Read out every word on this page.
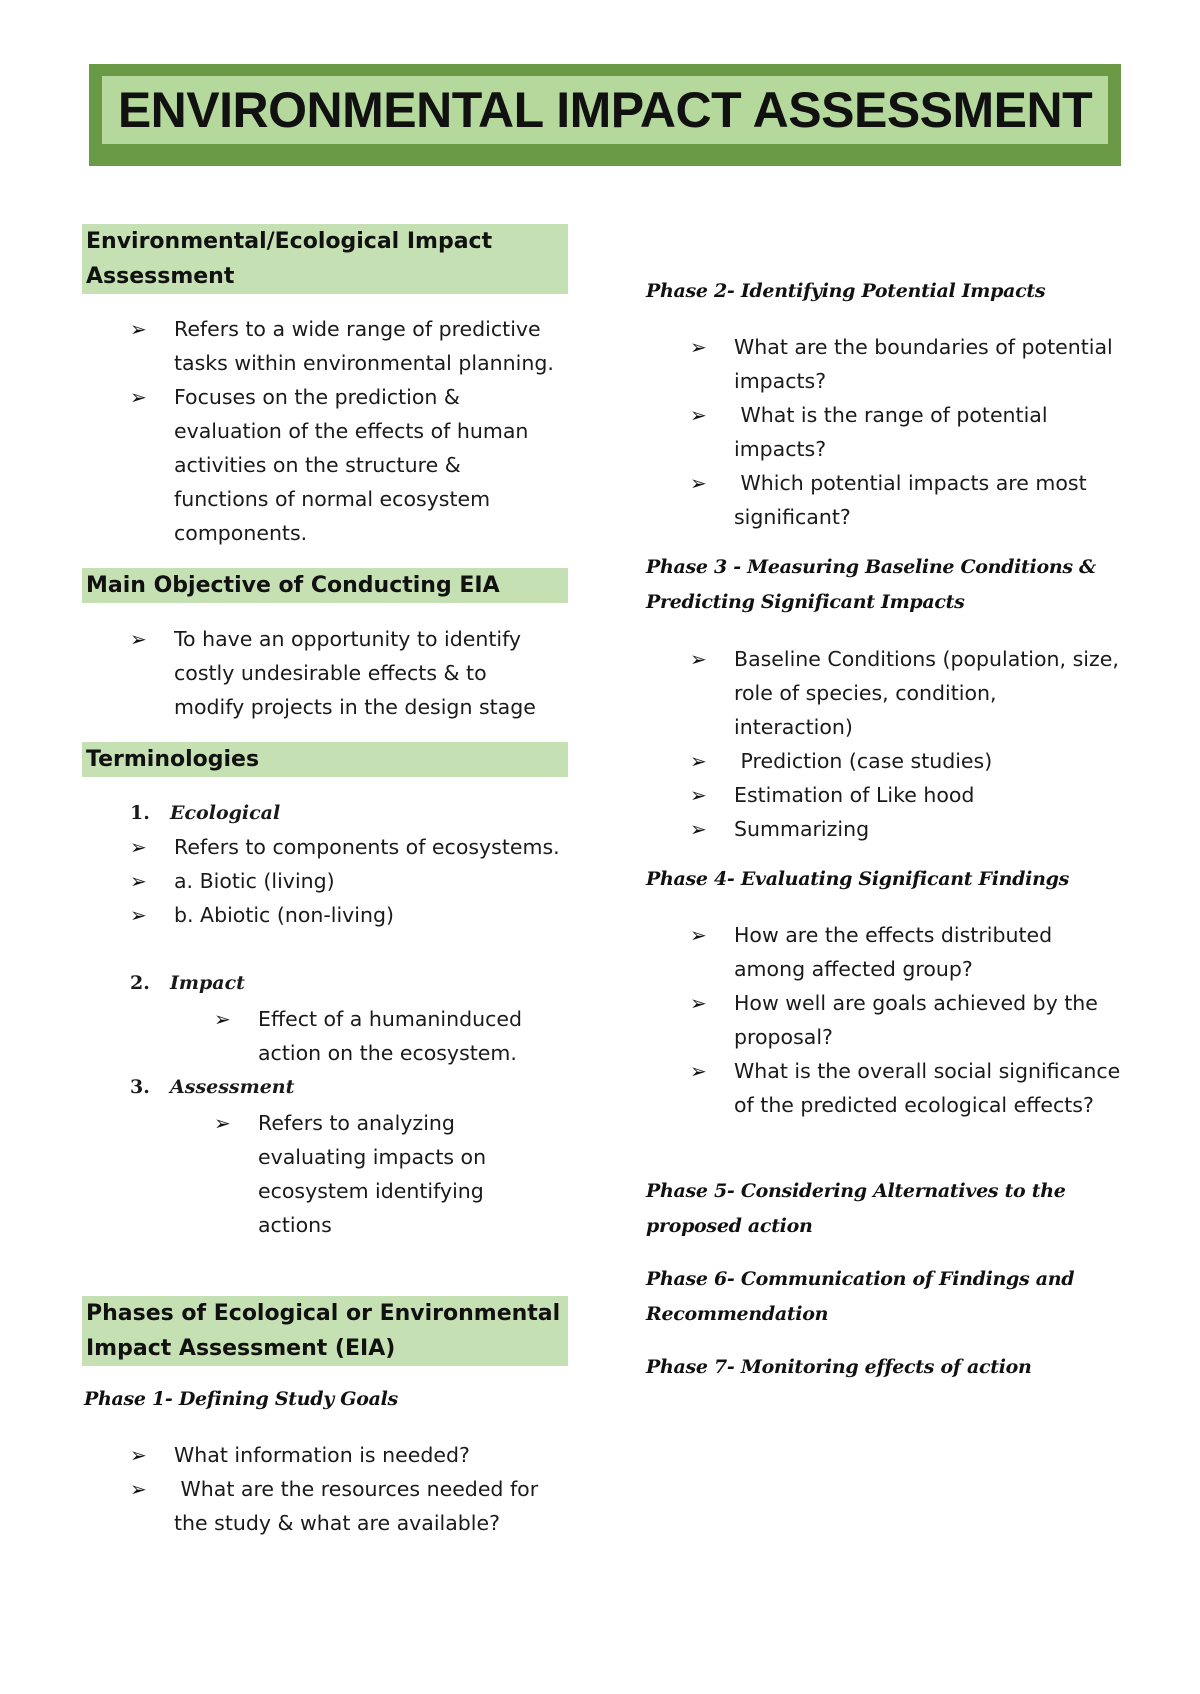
ENVIRONMENTAL IMPACT ASSESSMENT
Environmental/Ecological Impact
Assessment
➢ Refers to a wide range of predictive
tasks within environmental planning.
➢ Focuses on the prediction &
evaluation of the effects of human
activities on the structure &
functions of normal ecosystem
components.
Main Objective of Conducting EIA
➢ To have an opportunity to identify
costly undesirable effects & to
modify projects in the design stage
Terminologies
1. Ecological
➢ Refers to components of ecosystems.
➢ a. Biotic (living)
➢ b. Abiotic (non-living)
2. Impact
➢ Effect of a humaninduced
action on the ecosystem.
3. Assessment
➢ Refers to analyzing
evaluating impacts on
ecosystem identifying
actions
Phases of Ecological or Environmental
Impact Assessment (EIA)
Phase 1- Defining Study Goals
➢ What information is needed?
➢ What are the resources needed for
the study & what are available?
Phase 2- Identifying Potential Impacts
➢ What are the boundaries of potential
impacts?
➢ What is the range of potential
impacts?
➢ Which potential impacts are most
significant?
Phase 3 - Measuring Baseline Conditions &
Predicting Significant Impacts
➢ Baseline Conditions (population, size,
role of species, condition,
interaction)
➢ Prediction (case studies)
➢ Estimation of Like hood
➢ Summarizing
Phase 4- Evaluating Significant Findings
➢ How are the effects distributed
among affected group?
➢ How well are goals achieved by the
proposal?
➢ What is the overall social significance
of the predicted ecological effects?
Phase 5- Considering Alternatives to the
proposed action
Phase 6- Communication of Findings and
Recommendation
Phase 7- Monitoring effects of action
